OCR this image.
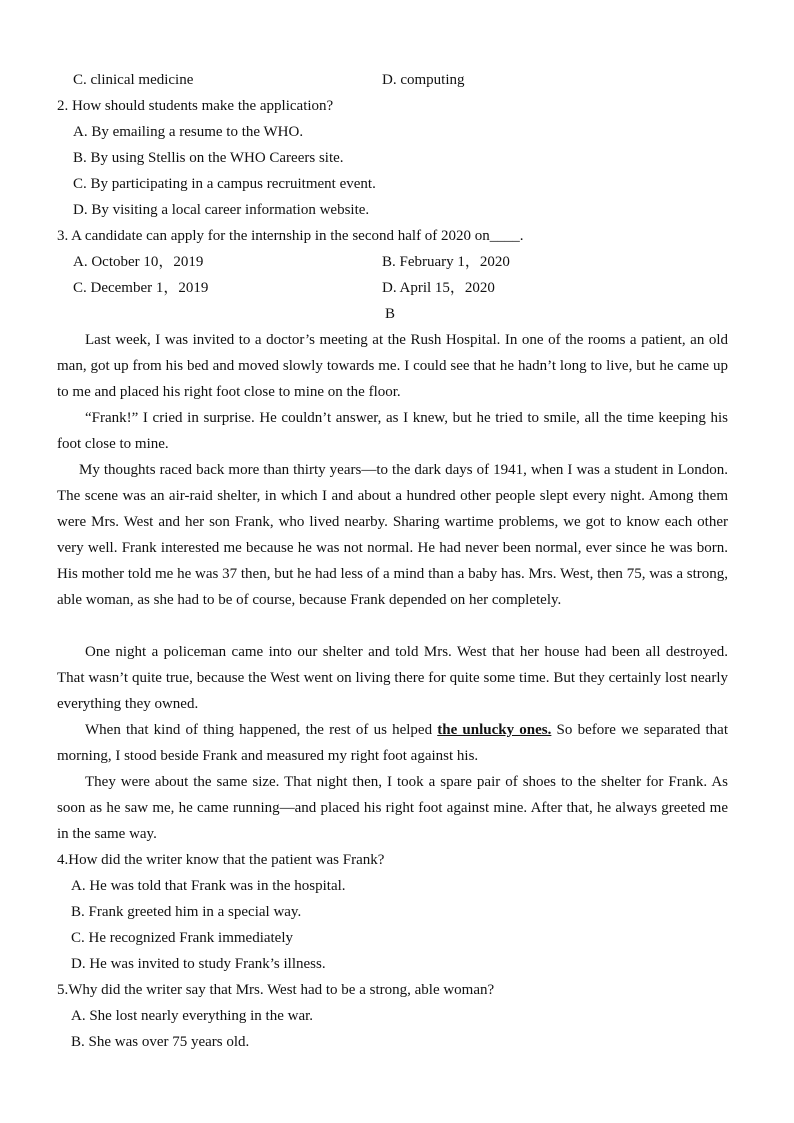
C. clinical medicine	D. computing
2. How should students make the application?
A. By emailing a resume to the WHO.
B. By using Stellis on the WHO Careers site.
C. By participating in a campus recruitment event.
D. By visiting a local career information website.
3. A candidate can apply for the internship in the second half of 2020 on____.
A. October 10，2019	B. February 1，2020
C. December 1，2019	D. April 15，2020
B
Last week, I was invited to a doctor’s meeting at the Rush Hospital. In one of the rooms a patient, an old man, got up from his bed and moved slowly towards me. I could see that he hadn’t long to live, but he came up to me and placed his right foot close to mine on the floor.
“Frank!” I cried in surprise. He couldn’t answer, as I knew, but he tried to smile, all the time keeping his foot close to mine.
My thoughts raced back more than thirty years—to the dark days of 1941, when I was a student in London. The scene was an air-raid shelter, in which I and about a hundred other people slept every night. Among them were Mrs. West and her son Frank, who lived nearby. Sharing wartime problems, we got to know each other very well. Frank interested me because he was not normal. He had never been normal, ever since he was born. His mother told me he was 37 then, but he had less of a mind than a baby has. Mrs. West, then 75, was a strong, able woman, as she had to be of course, because Frank depended on her completely.
One night a policeman came into our shelter and told Mrs. West that her house had been all destroyed. That wasn’t quite true, because the West went on living there for quite some time. But they certainly lost nearly everything they owned.
When that kind of thing happened, the rest of us helped the unlucky ones. So before we separated that morning, I stood beside Frank and measured my right foot against his.
They were about the same size. That night then, I took a spare pair of shoes to the shelter for Frank. As soon as he saw me, he came running—and placed his right foot against mine. After that, he always greeted me in the same way.
4.How did the writer know that the patient was Frank?
A. He was told that Frank was in the hospital.
B. Frank greeted him in a special way.
C. He recognized Frank immediately
D. He was invited to study Frank’s illness.
5.Why did the writer say that Mrs. West had to be a strong, able woman?
A. She lost nearly everything in the war.
B. She was over 75 years old.
